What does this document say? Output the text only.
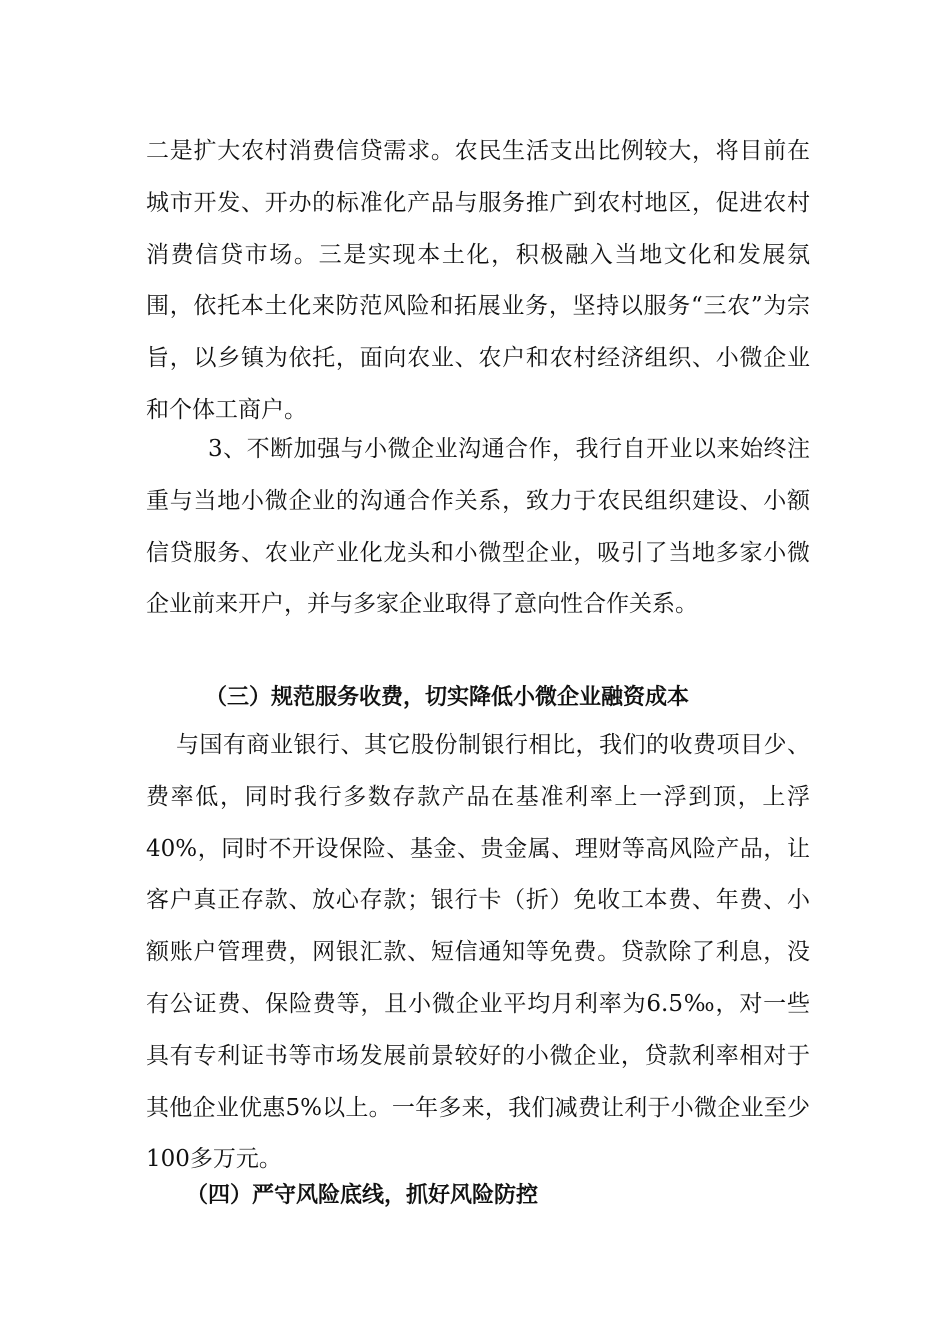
二是扩大农村消费信贷需求。农民生活支出比例较大，将目前在城市开发、开办的标准化产品与服务推广到农村地区，促进农村消费信贷市场。三是实现本土化，积极融入当地文化和发展氛围，依托本土化来防范风险和拓展业务，坚持以服务“三农”为宗旨，以乡镇为依托，面向农业、农户和农村经济组织、小微企业和个体工商户。

3、不断加强与小微企业沟通合作，我行自开业以来始终注重与当地小微企业的沟通合作关系，致力于农民组织建设、小额信贷服务、农业产业化龙头和小微型企业，吸引了当地多家小微企业前来开户，并与多家企业取得了意向性合作关系。

（三）规范服务收费，切实降低小微企业融资成本

与国有商业银行、其它股份制银行相比，我们的收费项目少、费率低，同时我行多数存款产品在基准利率上一浮到顶，上浮40%，同时不开设保险、基金、贵金属、理财等高风险产品，让客户真正存款、放心存款；银行卡（折）免收工本费、年费、小额账户管理费，网银汇款、短信通知等免费。贷款除了利息，没有公证费、保险费等，且小微企业平均月利率为6.5‰，对一些具有专利证书等市场发展前景较好的小微企业，贷款利率相对于其他企业优惠5%以上。一年多来，我们减费让利于小微企业至少100多万元。

（四）严守风险底线，抓好风险防控
